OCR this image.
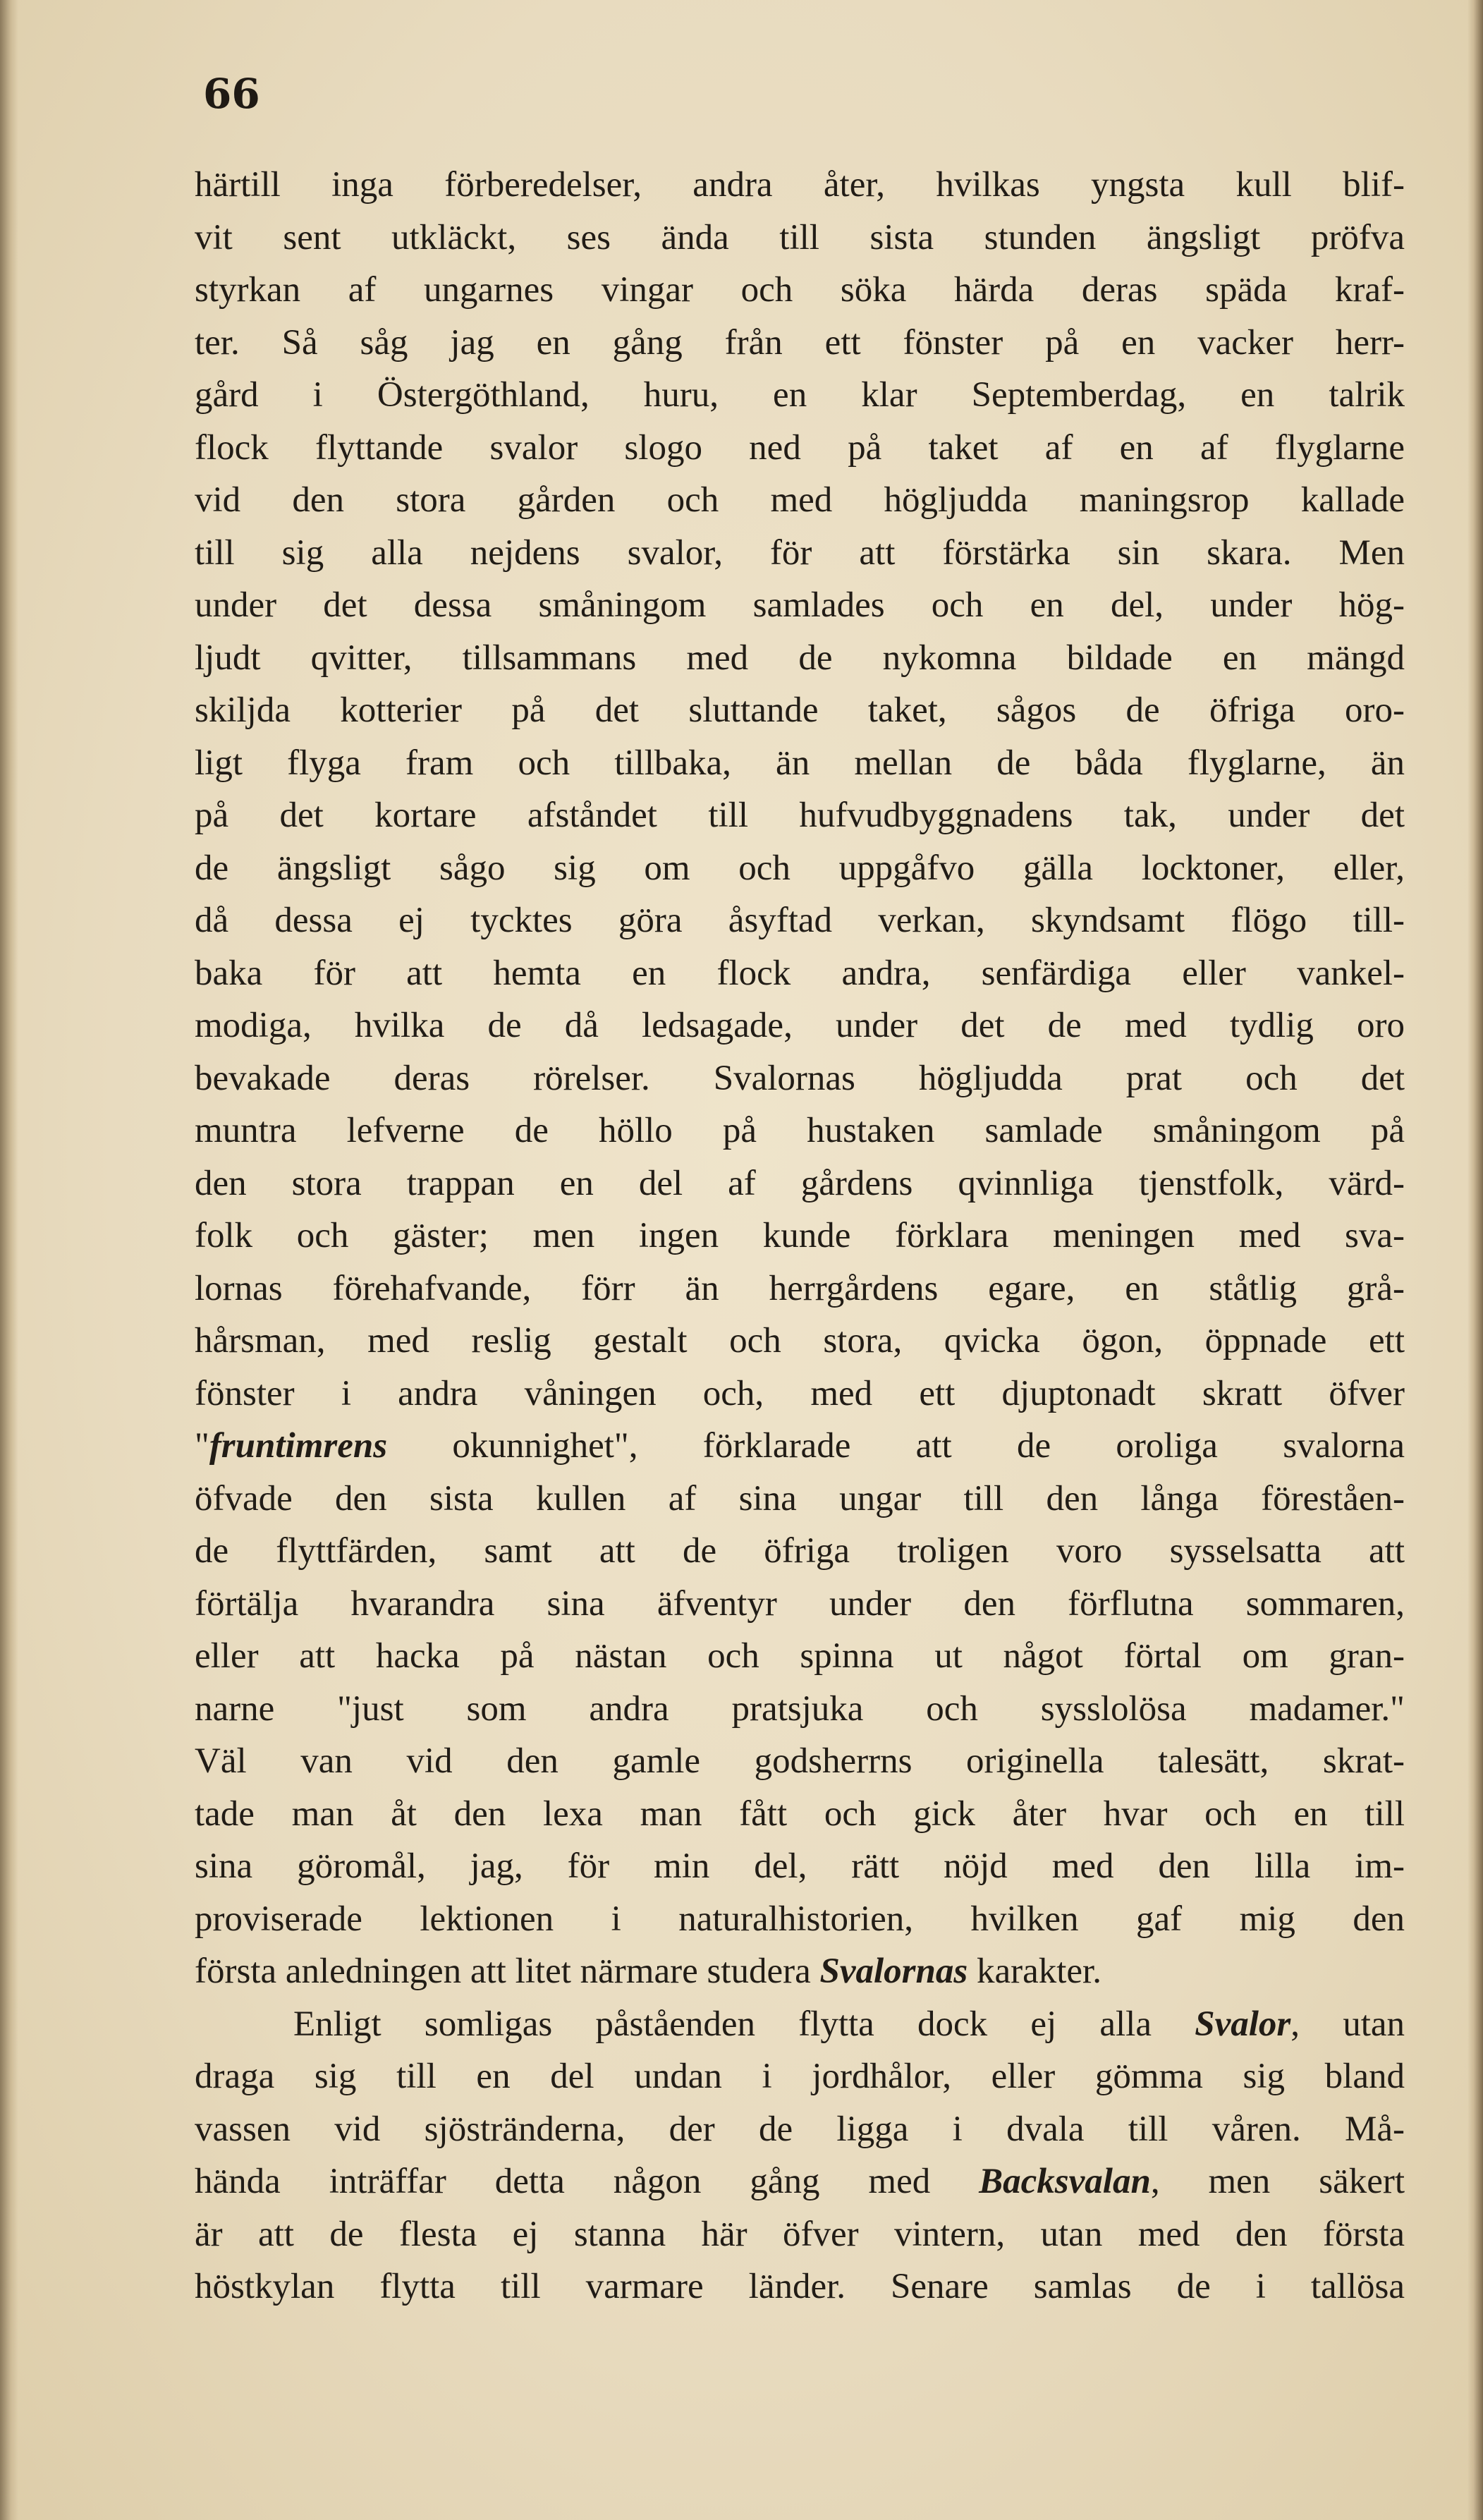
66
härtill inga förberedelser, andra åter, hvilkas yngsta kull blif-
vit sent utkläckt, ses ända till sista stunden ängsligt pröfva
styrkan af ungarnes vingar och söka härda deras späda kraf-
ter. Så såg jag en gång från ett fönster på en vacker herr-
gård i Östergöthland, huru, en klar Septemberdag, en talrik
flock flyttande svalor slogo ned på taket af en af flyglarne
vid den stora gården och med högljudda maningsrop kallade
till sig alla nejdens svalor, för att förstärka sin skara. Men
under det dessa småningom samlades och en del, under hög-
ljudt qvitter, tillsammans med de nykomna bildade en mängd
skiljda kotterier på det sluttande taket, sågos de öfriga oro-
ligt flyga fram och tillbaka, än mellan de båda flyglarne, än
på det kortare afståndet till hufvudbyggnadens tak, under det
de ängsligt sågo sig om och uppgåfvo gälla locktoner, eller,
då dessa ej tycktes göra åsyftad verkan, skyndsamt flögo till-
baka för att hemta en flock andra, senfärdiga eller vankel-
modiga, hvilka de då ledsagade, under det de med tydlig oro
bevakade deras rörelser. Svalornas högljudda prat och det
muntra lefverne de höllo på hustaken samlade småningom på
den stora trappan en del af gårdens qvinnliga tjenstfolk, värd-
folk och gäster; men ingen kunde förklara meningen med sva-
lornas förehafvande, förr än herrgårdens egare, en ståtlig grå-
hårsman, med reslig gestalt och stora, qvicka ögon, öppnade ett
fönster i andra våningen och, med ett djuptonadt skratt öfver
"fruntimrens okunnighet", förklarade att de oroliga svalorna
öfvade den sista kullen af sina ungar till den långa föreståen-
de flyttfärden, samt att de öfriga troligen voro sysselsatta att
förtälja hvarandra sina äfventyr under den förflutna sommaren,
eller att hacka på nästan och spinna ut något förtal om gran-
narne "just som andra pratsjuka och sysslolösa madamer."
Väl van vid den gamle godsherrns originella talesätt, skrat-
tade man åt den lexa man fått och gick åter hvar och en till
sina göromål, jag, för min del, rätt nöjd med den lilla im-
proviserade lektionen i naturalhistorien, hvilken gaf mig den
första anledningen att litet närmare studera Svalornas karakter.
Enligt somligas påståenden flytta dock ej alla Svalor, utan
draga sig till en del undan i jordhålor, eller gömma sig bland
vassen vid sjöstränderna, der de ligga i dvala till våren. Må-
hända inträffar detta någon gång med Backsvalan, men säkert
är att de flesta ej stanna här öfver vintern, utan med den första
höstkylan flytta till varmare länder. Senare samlas de i tallösa
